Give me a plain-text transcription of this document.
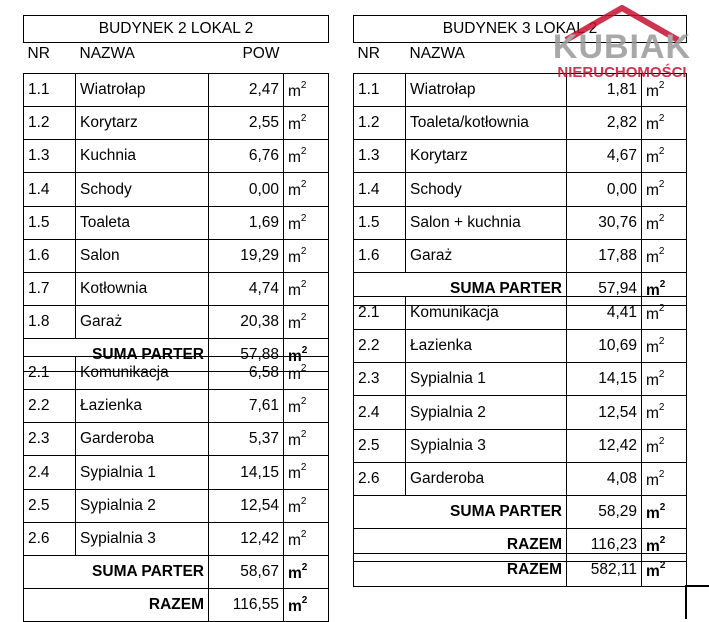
BUDYNEK 2 LOKAL 2
NR	NAZWA	POW	
1.1	Wiatrołap	2,47	$m^2$
1.2	Korytarz	2,55	$m^2$
1.3	Kuchnia	6,76	$m^2$
1.4	Schody	0,00	$m^2$
1.5	Toaleta	1,69	$m^2$
1.6	Salon	19,29	$m^2$
1.7	Kotłownia	4,74	$m^2$
1.8	Garaż	20,38	$m^2$
SUMA PARTER		57,88	$m^2$
2.1	Komunikacja	6,58	$m^2$
2.2	Łazienka	7,61	$m^2$
2.3	Garderoba	5,37	$m^2$
2.4	Sypialnia 1	14,15	$m^2$
2.5	Sypialnia 2	12,54	$m^2$
2.6	Sypialnia 3	12,42	$m^2$
SUMA PARTER		58,67	$m^2$
RAZEM		116,55	$m^2$
BUDYNEK 3 LOKAL 2
NR	NAZWA		
1.1	Wiatrołap	1,81	$m^2$
1.2	Toaleta/kotłownia	2,82	$m^2$
1.3	Korytarz	4,67	$m^2$
1.4	Schody	0,00	$m^2$
1.5	Salon + kuchnia	30,76	$m^2$
1.6	Garaż	17,88	$m^2$
SUMA PARTER		57,94	$m^2$
2.1	Komunikacja	4,41	$m^2$
2.2	Łazienka	10,69	$m^2$
2.3	Sypialnia 1	14,15	$m^2$
2.4	Sypialnia 2	12,54	$m^2$
2.5	Sypialnia 3	12,42	$m^2$
2.6	Garderoba	4,08	$m^2$
SUMA PARTER		58,29	$m^2$
RAZEM		116,23	$m^2$
RAZEM	582,11	$m^2$
KUBIAK
NIERUCHOMOŚCI
